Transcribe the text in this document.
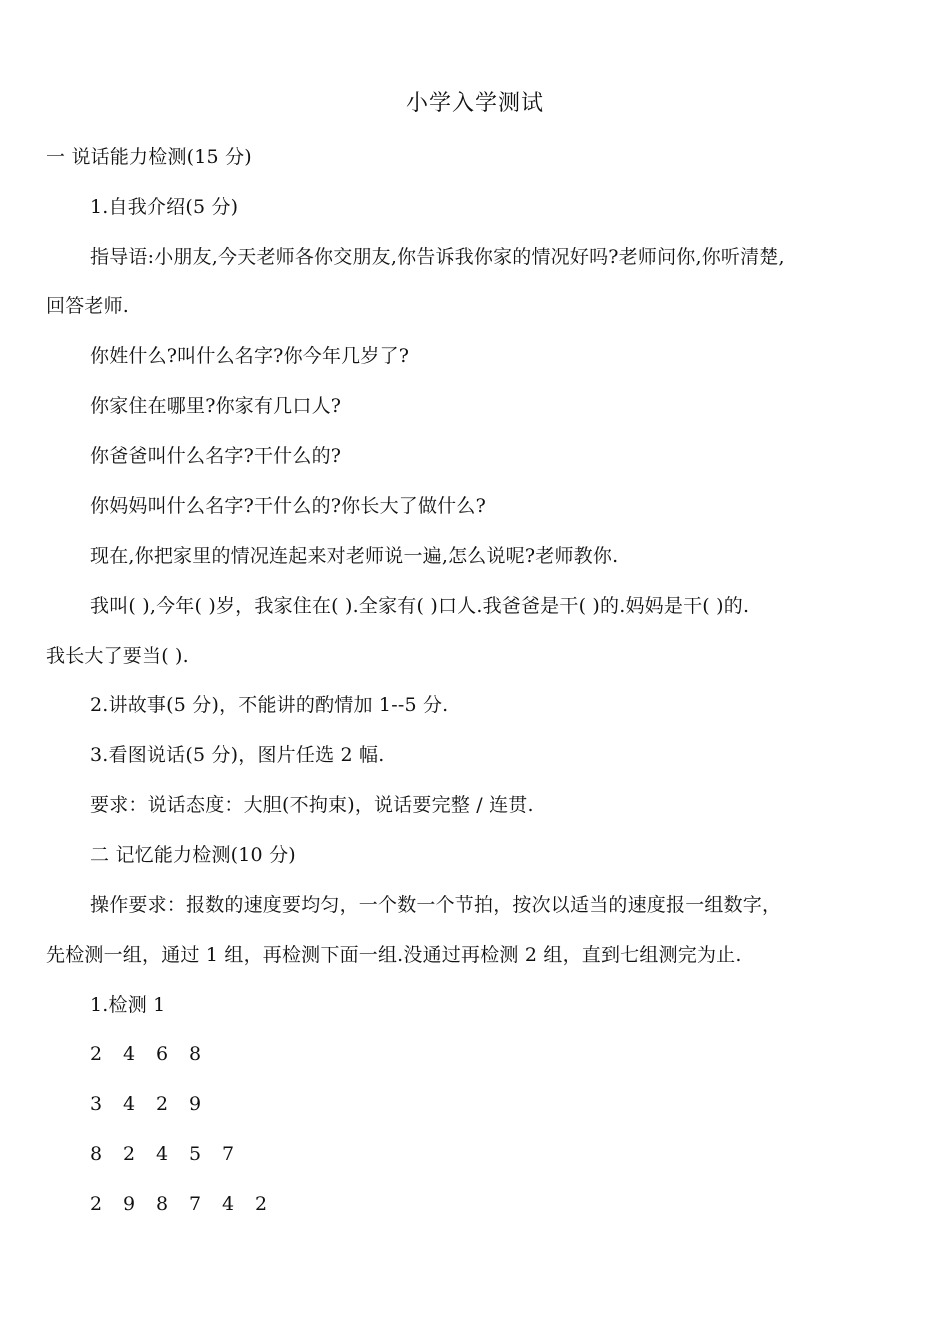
小学入学测试
一 说话能力检测(15 分)
1.自我介绍(5 分)
指导语:小朋友,今天老师各你交朋友,你告诉我你家的情况好吗?老师问你,你听清楚,
回答老师.
你姓什么?叫什么名字?你今年几岁了?
你家住在哪里?你家有几口人?
你爸爸叫什么名字?干什么的?
你妈妈叫什么名字?干什么的?你长大了做什么?
现在,你把家里的情况连起来对老师说一遍,怎么说呢?老师教你.
我叫( ),今年( )岁，我家住在( ).全家有( )口人.我爸爸是干( )的.妈妈是干( )的.
我长大了要当( ).
2.讲故事(5 分)，不能讲的酌情加 1--5 分.
3.看图说话(5 分)，图片任选 2 幅.
要求：说话态度：大胆(不拘束)，说话要完整 / 连贯.
二 记忆能力检测(10 分)
操作要求：报数的速度要均匀，一个数一个节拍，按次以适当的速度报一组数字，
先检测一组，通过 1 组，再检测下面一组.没通过再检测 2 组，直到七组测完为止.
1.检测 1
2 4 6 8
3 4 2 9
8 2 4 5 7
2 9 8 7 4 2
